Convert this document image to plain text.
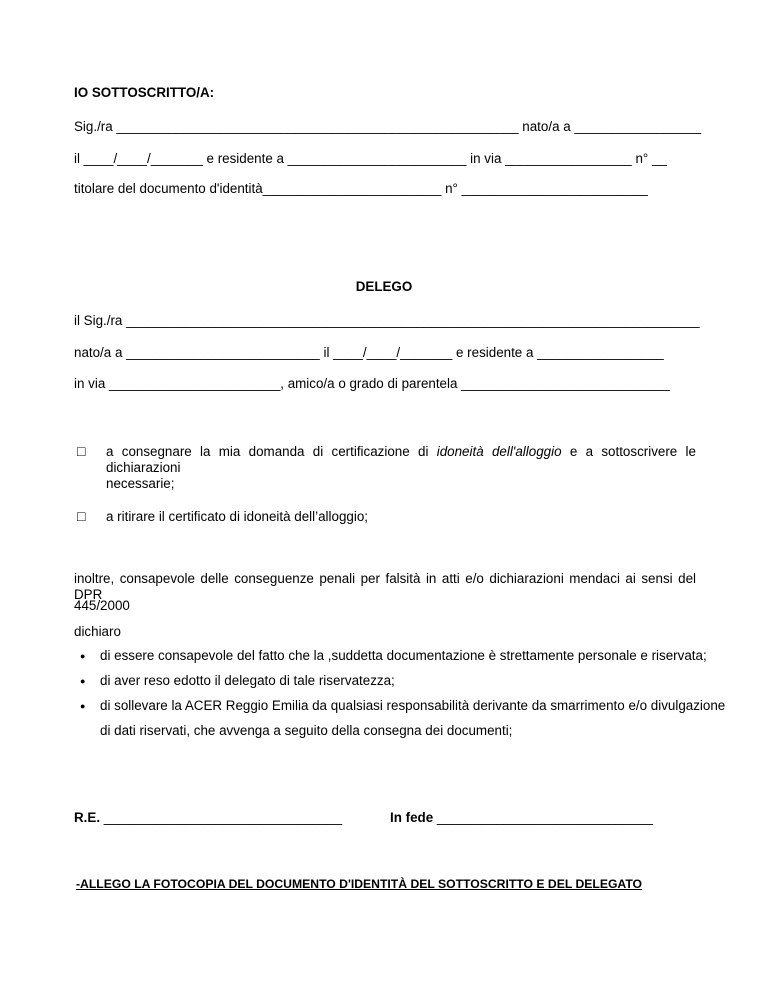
IO SOTTOSCRITTO/A:
Sig./ra ______________________________________________________ nato/a a _________________
il ____/____/_______ e residente a ________________________ in via _________________ n° __
titolare del documento d'identità________________________ n° _________________________
DELEGO
il Sig./ra _____________________________________________________________________________
nato/a a __________________________ il ____/____/_______ e residente a _________________
in via _______________________, amico/a o grado di parentela ____________________________
□ a consegnare la mia domanda di certificazione di idoneità dell'alloggio e a sottoscrivere le dichiarazioni
necessarie;
□ a ritirare il certificato di idoneità dell’alloggio;
inoltre, consapevole delle conseguenze penali per falsità in atti e/o dichiarazioni mendaci ai sensi del DPR
445/2000
dichiaro
● di essere consapevole del fatto che la ,suddetta documentazione è strettamente personale e riservata;
● di aver reso edotto il delegato di tale riservatezza;
● di sollevare la ACER Reggio Emilia da qualsiasi responsabilità derivante da smarrimento e/o divulgazione
di dati riservati, che avvenga a seguito della consegna dei documenti;
R.E. ________________________________	In fede _____________________________
-ALLEGO LA FOTOCOPIA DEL DOCUMENTO D'IDENTITÀ DEL SOTTOSCRITTO E DEL DELEGATO
